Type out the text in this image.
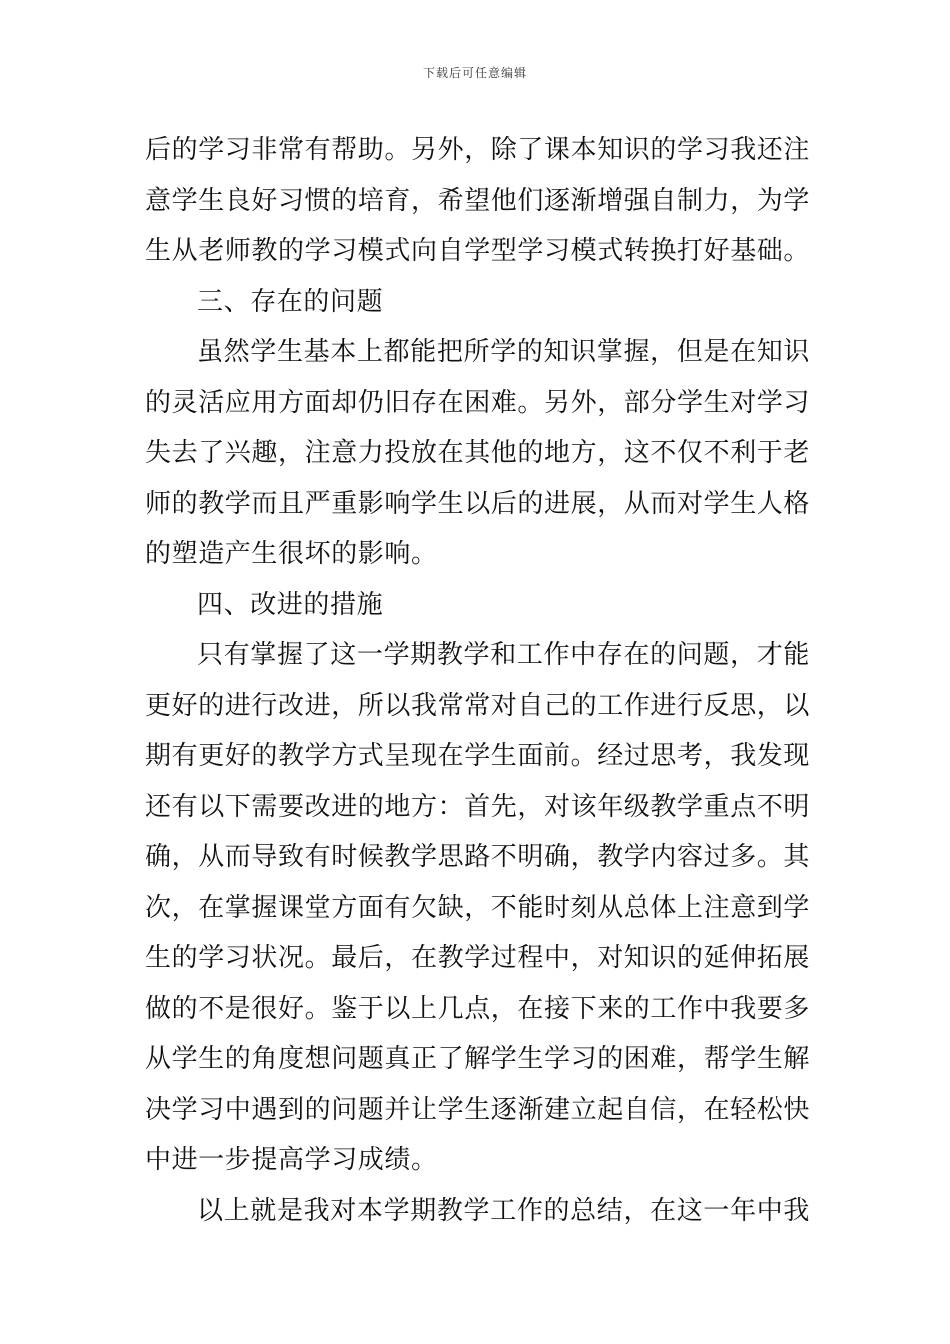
下载后可任意编辑
后的学习非常有帮助。另外，除了课本知识的学习我还注
意学生良好习惯的培育，希望他们逐渐增强自制力，为学
生从老师教的学习模式向自学型学习模式转换打好基础。
三、存在的问题
虽然学生基本上都能把所学的知识掌握，但是在知识
的灵活应用方面却仍旧存在困难。另外，部分学生对学习
失去了兴趣，注意力投放在其他的地方，这不仅不利于老
师的教学而且严重影响学生以后的进展，从而对学生人格
的塑造产生很坏的影响。
四、改进的措施
只有掌握了这一学期教学和工作中存在的问题，才能
更好的进行改进，所以我常常对自己的工作进行反思，以
期有更好的教学方式呈现在学生面前。经过思考，我发现
还有以下需要改进的地方：首先，对该年级教学重点不明
确，从而导致有时候教学思路不明确，教学内容过多。其
次，在掌握课堂方面有欠缺，不能时刻从总体上注意到学
生的学习状况。最后，在教学过程中，对知识的延伸拓展
做的不是很好。鉴于以上几点，在接下来的工作中我要多
从学生的角度想问题真正了解学生学习的困难，帮学生解
决学习中遇到的问题并让学生逐渐建立起自信，在轻松快
中进一步提高学习成绩。
以上就是我对本学期教学工作的总结，在这一年中我
